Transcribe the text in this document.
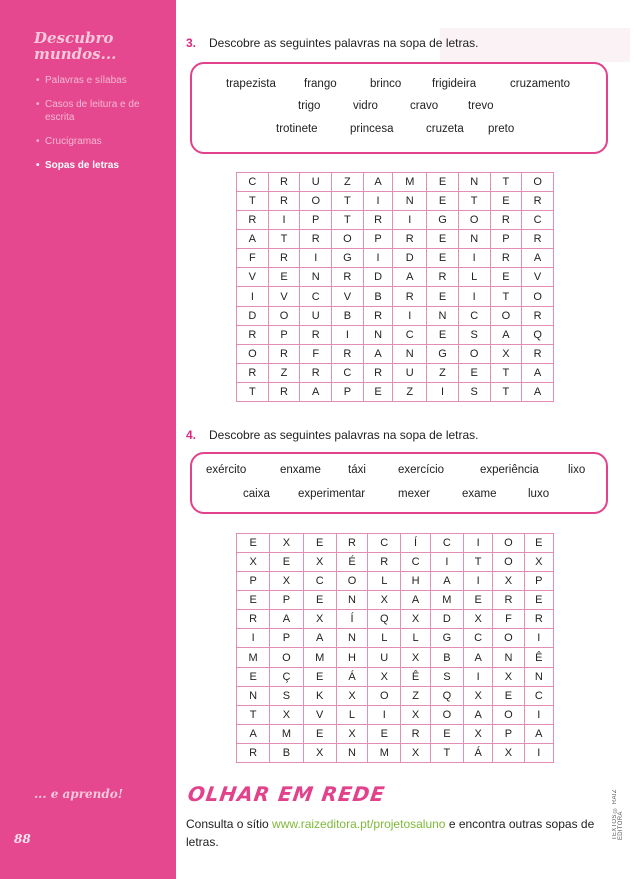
Descubro mundos...
• Palavras e sílabas
• Casos de leitura e de escrita
• Crucigramas
• Sopas de letras
... e aprendo!
88
3. Descobre as seguintes palavras na sopa de letras.
trapezista frango	brinco	frigideira	cruzamento
trigo	vidro	cravo	trevo
trotinete	princesa	cruzeta preto
C	R	U	Z	A	M	E	N	T	O
T	R	O	T	I	N	E	T	E	R
R	I	P	T	R	I	G	O	R	C
A	T	R	O	P	R	E	N	P	R
F	R	I	G	I	D	E	I	R	A
V	E	N	R	D	A	R	L	E	V
I	V	C	V	B	R	E	I	T	O
D	O	U	B	R	I	N	C	O	R
R	P	R	I	N	C	E	S	A	Q
O	R	F	R	A	N	G	O	X	R
R	Z	R	C	R	U	Z	E	T	A
T	R	A	P	E	Z	I	S	T	A
4. Descobre as seguintes palavras na sopa de letras.
exército	enxame táxi	exercício	experiência	lixo
caixa experimentar	mexer	exame	luxo
E	X	E	R	C	Í	C	I	O	E
X	E	X	É	R	C	I	T	O	X
P	X	C	O	L	H	A	I	X	P
E	P	E	N	X	A	M	E	R	E
R	A	X	Í	Q	X	D	X	F	R
I	P	A	N	L	L	G	C	O	I
M	O	M	H	U	X	B	A	N	Ê
E	Ç	E	Á	X	Ê	S	I	X	N
N	S	K	X	O	Z	Q	X	E	C
T	X	V	L	I	X	O	A	O	I
A	M	E	X	E	R	E	X	P	A
R	B	X	N	M	X	T	Á	X	I
OLHAR EM REDE
Consulta o sítio www.raizeditora.pt/projetosaluno e encontra outras sopas de letras.
TEXTOS © RAIZ EDITORA
